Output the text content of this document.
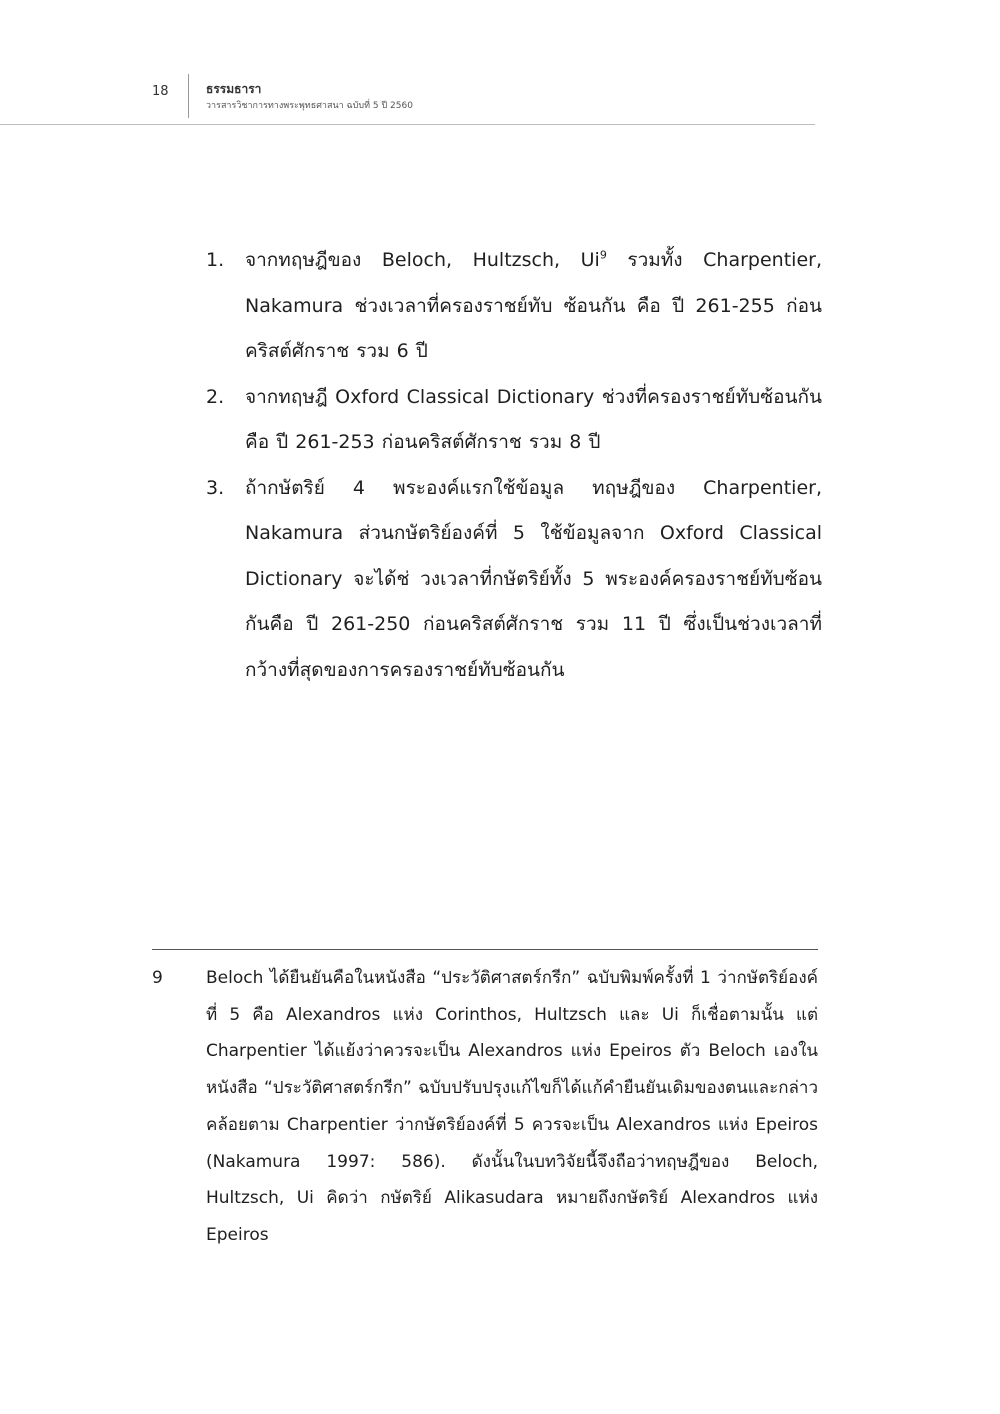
18	ธรรมธารา
วารสารวิชาการทางพระพุทธศาสนา ฉบับที่ 5 ปี 2560
1.	จากทฤษฎีของ Beloch, Hultzsch, Ui$^9$ รวมทั้ง Charpentier, Nakamura ช่วงเวลาที่ครองราชย์ทับ ซ้อนกัน คือ ปี 261-255 ก่อนคริสต์ศักราช รวม 6 ปี
2.	จากทฤษฎี Oxford Classical Dictionary ช่วงที่ครองราชย์ทับซ้อนกันคือ ปี 261-253 ก่อนคริสต์ศักราช รวม 8 ปี
3.	ถ้ากษัตริย์ 4 พระองค์แรกใช้ข้อมูล ทฤษฎีของ Charpentier, Nakamura ส่วนกษัตริย์องค์ที่ 5 ใช้ข้อมูลจาก Oxford Classical Dictionary จะได้ช่ วงเวลาที่กษัตริย์ทั้ง 5 พระองค์ครองราชย์ทับซ้อนกันคือ ปี 261-250 ก่อนคริสต์ศักราช รวม 11 ปี ซึ่งเป็นช่วงเวลาที่กว้างที่สุดของการครองราชย์ทับซ้อนกัน
9	Beloch ได้ยืนยันคือในหนังสือ “ประวัติศาสตร์กรีก” ฉบับพิมพ์ครั้งที่ 1 ว่ากษัตริย์องค์ที่ 5 คือ Alexandros แห่ง Corinthos, Hultzsch และ Ui ก็เชื่อตามนั้น แต่ Charpentier ได้แย้งว่าควรจะเป็น Alexandros แห่ง Epeiros ตัว Beloch เองในหนังสือ “ประวัติศาสตร์กรีก” ฉบับปรับปรุงแก้ไขก็ได้แก้คำยืนยันเดิมของตนและกล่าวคล้อยตาม Charpentier ว่ากษัตริย์องค์ที่ 5 ควรจะเป็น Alexandros แห่ง Epeiros (Nakamura 1997: 586). ดังนั้นในบทวิจัยนี้จึงถือว่าทฤษฎีของ Beloch, Hultzsch, Ui คิดว่า กษัตริย์ Alikasudara หมายถึงกษัตริย์ Alexandros แห่ง Epeiros
